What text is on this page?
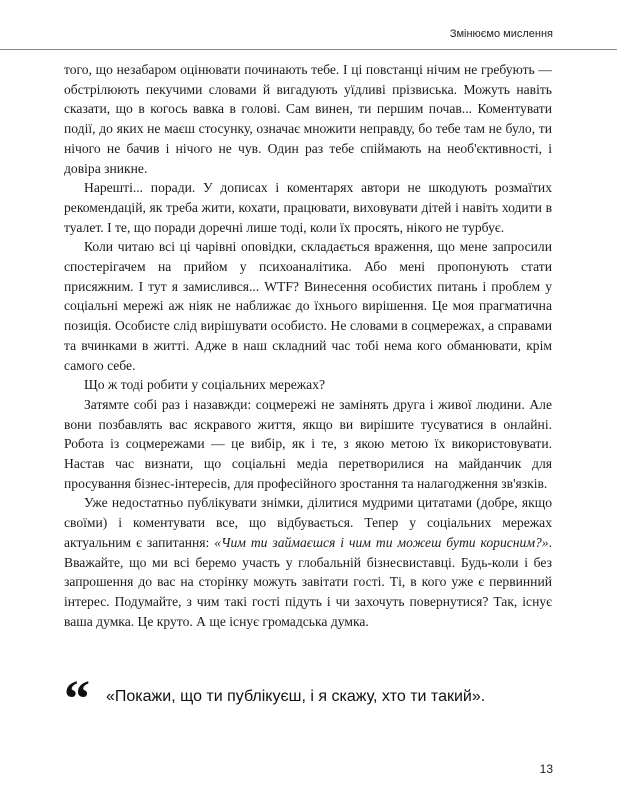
Змінюємо мислення

того, що незабаром оцінювати починають тебе. І ці повстанці нічим не гребують — обстрілюють пекучими словами й вигадують уїдливі прізвиська. Можуть навіть сказати, що в когось вавка в голові. Сам винен, ти першим почав... Коментувати події, до яких не маєш стосунку, означає множити неправду, бо тебе там не було, ти нічого не бачив і нічого не чув. Один раз тебе спіймають на необ'єктивності, і довіра зникне.

Нарешті... поради. У дописах і коментарях автори не шкодують розмаїтих рекомендацій, як треба жити, кохати, працювати, виховувати дітей і навіть ходити в туалет. І те, що поради доречні лише тоді, коли їх просять, нікого не турбує.

Коли читаю всі ці чарівні оповідки, складається враження, що мене запросили спостерігачем на прийом у психоаналітика. Або мені пропонують стати присяжним. І тут я замислився... WTF? Винесення особистих питань і проблем у соціальні мережі аж ніяк не наближає до їхнього вирішення. Це моя прагматична позиція. Особисте слід вирішувати особисто. Не словами в соцмережах, а справами та вчинками в житті. Адже в наш складний час тобі нема кого обманювати, крім самого себе.

Що ж тоді робити у соціальних мережах?

Затямте собі раз і назавжди: соцмережі не замінять друга і живої людини. Але вони позбавлять вас яскравого життя, якщо ви вирішите тусуватися в онлайні. Робота із соцмережами — це вибір, як і те, з якою метою їх використовувати. Настав час визнати, що соціальні медіа перетворилися на майданчик для просування бізнес-інтересів, для професійного зростання та налагодження зв'язків.

Уже недостатньо публікувати знімки, ділитися мудрими цитатами (добре, якщо своїми) і коментувати все, що відбувається. Тепер у соціальних мережах актуальним є запитання: «Чим ти займаєшся і чим ти можеш бути корисним?». Вважайте, що ми всі беремо участь у глобальній бізнесвиставці. Будь-коли і без запрошення до вас на сторінку можуть завітати гості. Ті, в кого уже є первинний інтерес. Подумайте, з чим такі гості підуть і чи захочуть повернутися? Так, існує ваша думка. Це круто. А ще існує громадська думка.

“ «Покажи, що ти публікуєш, і я скажу, хто ти такий».
13
